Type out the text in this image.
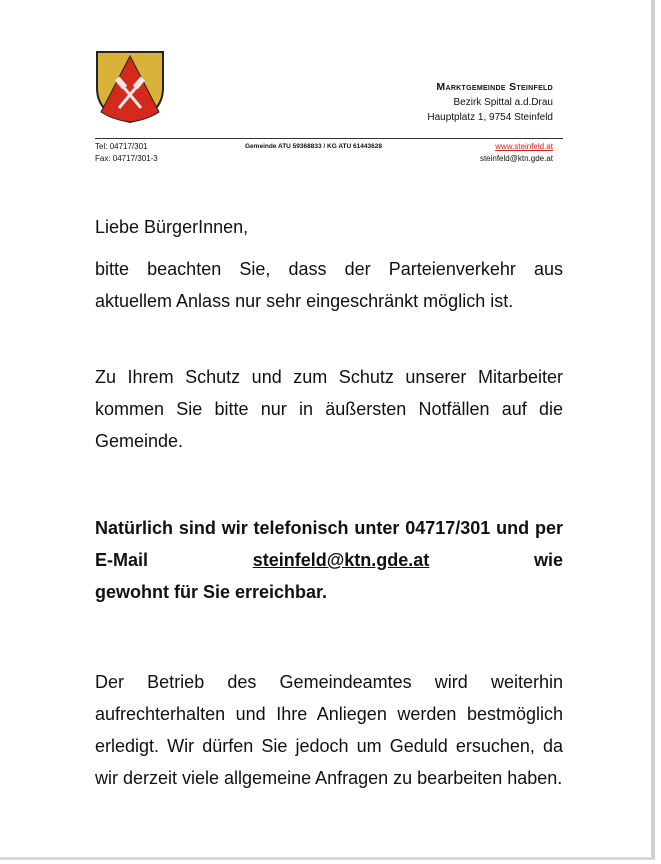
Marktgemeinde Steinfeld
Bezirk Spittal a.d.Drau
Hauptplatz 1, 9754 Steinfeld
Tel: 04717/301
Fax: 04717/301-3
Gemeinde ATU 59368833 / KG ATU 61443628	www.steinfeld.at
steinfeld@ktn.gde.at
Liebe BürgerInnen,
bitte beachten Sie, dass der Parteienverkehr aus aktuellem Anlass nur sehr eingeschränkt möglich ist.
Zu Ihrem Schutz und zum Schutz unserer Mitarbeiter kommen Sie bitte nur in äußersten Notfällen auf die Gemeinde.
Natürlich sind wir telefonisch unter 04717/301 und per E-Mail	steinfeld@ktn.gde.at	wie
gewohnt für Sie erreichbar.
Der Betrieb des Gemeindeamtes wird weiterhin aufrechterhalten und Ihre Anliegen werden bestmöglich erledigt. Wir dürfen Sie jedoch um Geduld ersuchen, da wir derzeit viele allgemeine Anfragen zu bearbeiten haben.
